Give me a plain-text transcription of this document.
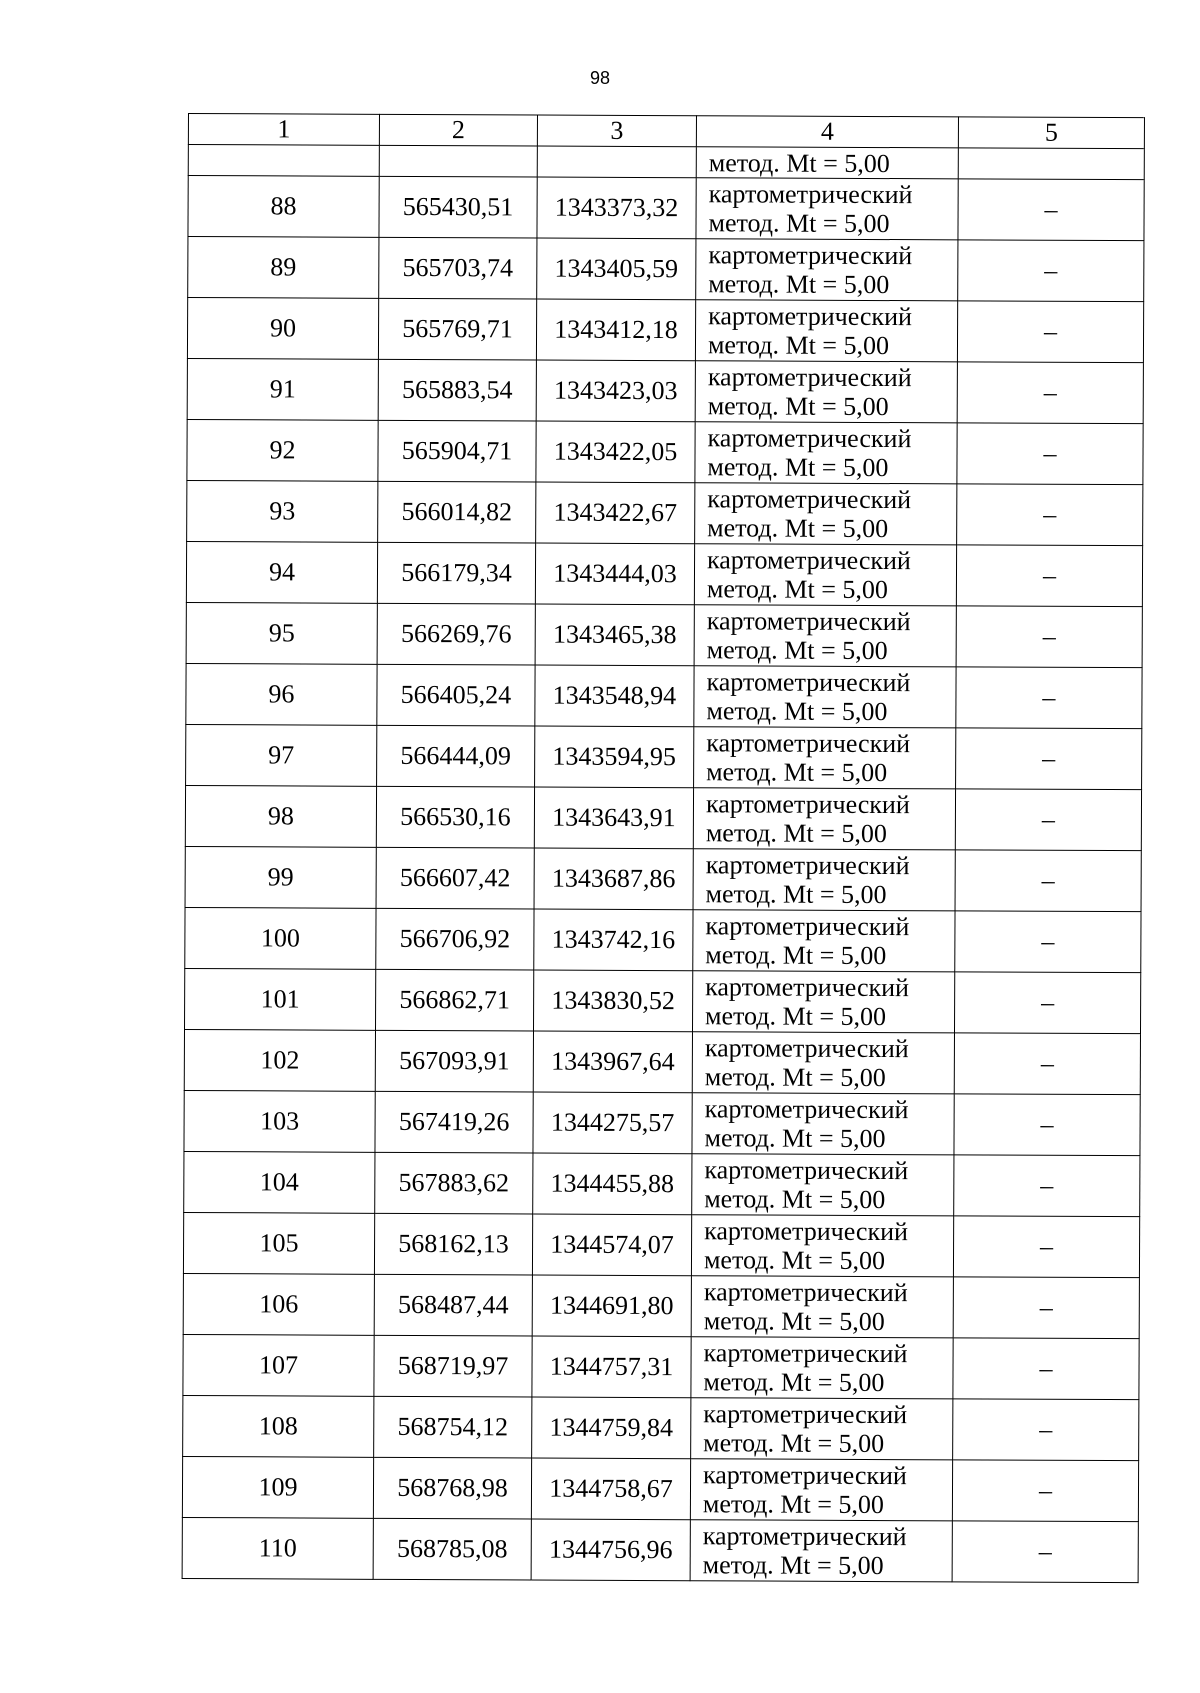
98
1	2	3	4	5

			метод. Mt = 5,00	

88	565430,51	1343373,32	картометрический
метод. Mt = 5,00	–
89	565703,74	1343405,59	картометрический
метод. Mt = 5,00	–
90	565769,71	1343412,18	картометрический
метод. Mt = 5,00	–
91	565883,54	1343423,03	картометрический
метод. Mt = 5,00	–
92	565904,71	1343422,05	картометрический
метод. Mt = 5,00	–
93	566014,82	1343422,67	картометрический
метод. Mt = 5,00	–
94	566179,34	1343444,03	картометрический
метод. Mt = 5,00	–
95	566269,76	1343465,38	картометрический
метод. Mt = 5,00	–
96	566405,24	1343548,94	картометрический
метод. Mt = 5,00	–
97	566444,09	1343594,95	картометрический
метод. Mt = 5,00	–
98	566530,16	1343643,91	картометрический
метод. Mt = 5,00	–
99	566607,42	1343687,86	картометрический
метод. Mt = 5,00	–
100	566706,92	1343742,16	картометрический
метод. Mt = 5,00	–
101	566862,71	1343830,52	картометрический
метод. Mt = 5,00	–
102	567093,91	1343967,64	картометрический
метод. Mt = 5,00	–
103	567419,26	1344275,57	картометрический
метод. Mt = 5,00	–
104	567883,62	1344455,88	картометрический
метод. Mt = 5,00	–
105	568162,13	1344574,07	картометрический
метод. Mt = 5,00	–
106	568487,44	1344691,80	картометрический
метод. Mt = 5,00	–
107	568719,97	1344757,31	картометрический
метод. Mt = 5,00	–
108	568754,12	1344759,84	картометрический
метод. Mt = 5,00	–
109	568768,98	1344758,67	картометрический
метод. Mt = 5,00	–
110	568785,08	1344756,96	картометрический
метод. Mt = 5,00	–
